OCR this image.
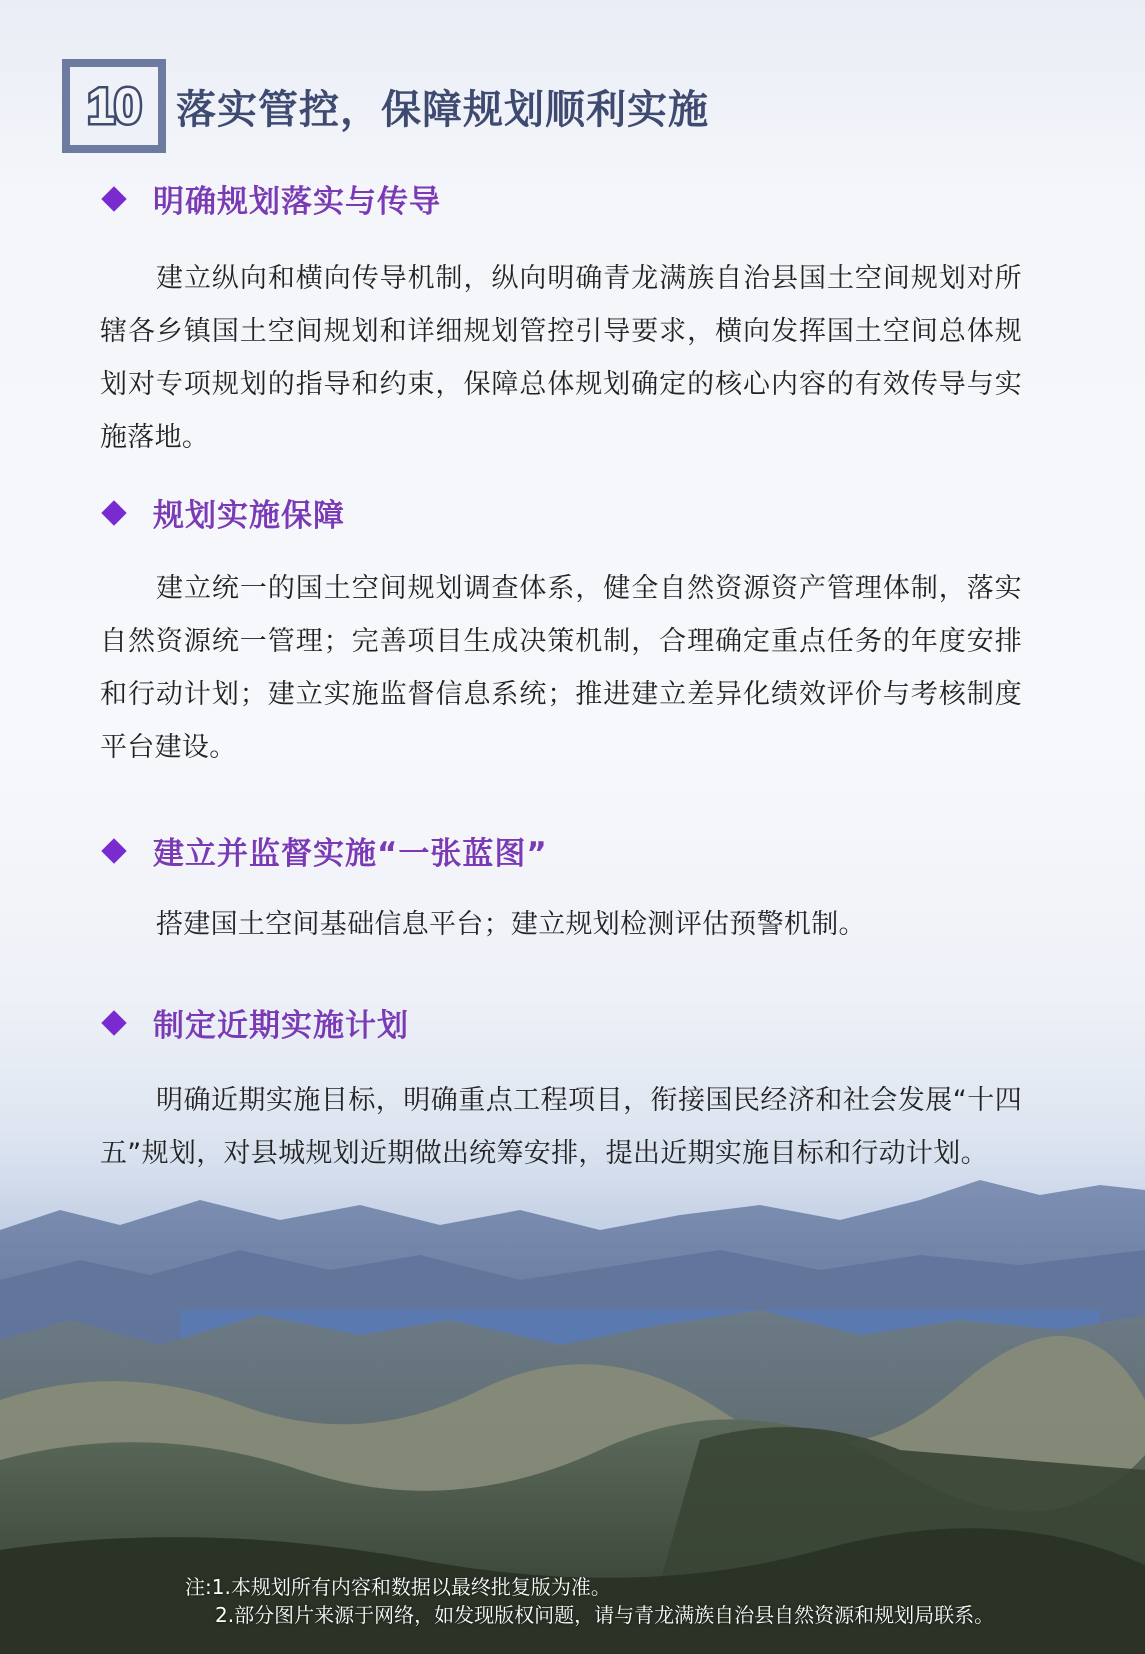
10 落实管控，保障规划顺利实施
明确规划落实与传导
建立纵向和横向传导机制，纵向明确青龙满族自治县国土空间规划对所辖各乡镇国土空间规划和详细规划管控引导要求，横向发挥国土空间总体规划对专项规划的指导和约束，保障总体规划确定的核心内容的有效传导与实施落地。
规划实施保障
建立统一的国土空间规划调查体系，健全自然资源资产管理体制，落实自然资源统一管理；完善项目生成决策机制，合理确定重点任务的年度安排和行动计划；建立实施监督信息系统；推进建立差异化绩效评价与考核制度平台建设。
建立并监督实施“一张蓝图”
搭建国土空间基础信息平台；建立规划检测评估预警机制。
制定近期实施计划
明确近期实施目标，明确重点工程项目，衔接国民经济和社会发展“十四五”规划，对县城规划近期做出统筹安排，提出近期实施目标和行动计划。
注:1.本规划所有内容和数据以最终批复版为准。
2.部分图片来源于网络，如发现版权问题，请与青龙满族自治县自然资源和规划局联系。
